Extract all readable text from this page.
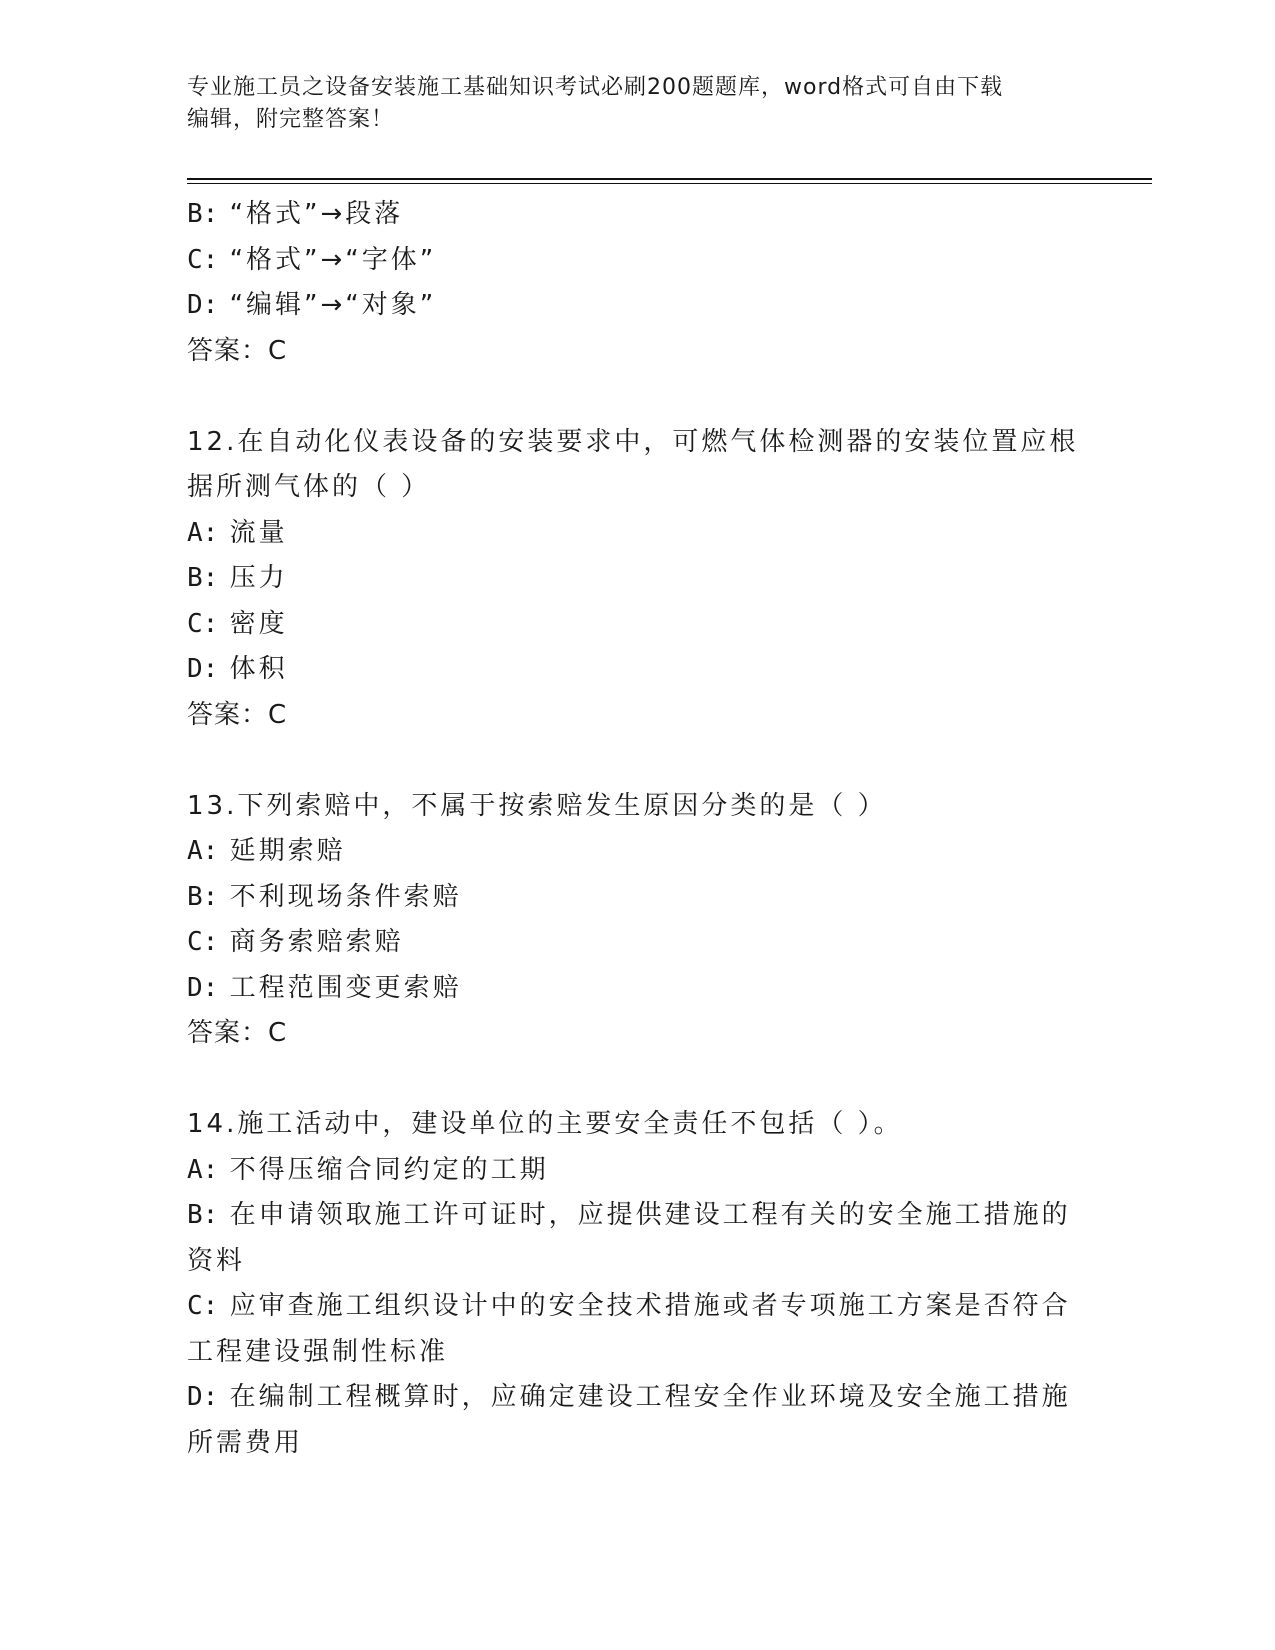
专业施工员之设备安装施工基础知识考试必刷200题题库，word格式可自由下载
编辑，附完整答案！
B: “格式”→段落
C: “格式”→“字体”
D: “编辑”→“对象”
答案：C
12.在自动化仪表设备的安装要求中，可燃气体检测器的安装位置应根
据所测气体的（ ）
A: 流量
B: 压力
C: 密度
D: 体积
答案：C
13.下列索赔中，不属于按索赔发生原因分类的是（ ）
A: 延期索赔
B: 不利现场条件索赔
C: 商务索赔索赔
D: 工程范围变更索赔
答案：C
14.施工活动中，建设单位的主要安全责任不包括（ ）。
A: 不得压缩合同约定的工期
B: 在申请领取施工许可证时，应提供建设工程有关的安全施工措施的
资料
C: 应审查施工组织设计中的安全技术措施或者专项施工方案是否符合
工程建设强制性标准
D: 在编制工程概算时，应确定建设工程安全作业环境及安全施工措施
所需费用
